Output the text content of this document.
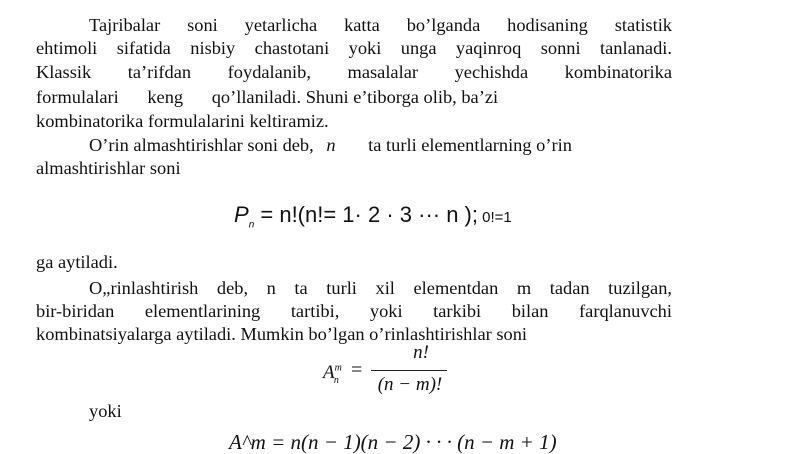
Tajribalar soni yetarlicha katta bo’lganda hodisaning statistik
ehtimoli sifatida nisbiy chastotani yoki unga yaqinroq sonni tanlanadi.
Klassik ta’rifdan foydalanib, masalalar yechishda kombinatorika
formulalari keng qo’llaniladi. Shuni e’tiborga olib, ba’zi
kombinatorika formulalarini keltiramiz.
O’rin almashtirishlar soni deb, n ta turli elementlarning o’rin
almashtirishlar soni
$P_n = n!(n!= 1\cdot 2 \cdot 3$ ··· n ); 0!=1
ga aytiladi.
O„rinlashtirish deb, n ta turli xil elementdan m tadan tuzilgan,
bir-biridan elementlarining tartibi, yoki tarkibi bilan farqlanuvchi
kombinatsiyalarga aytiladi. Mumkin bo’lgan o’rinlashtirishlar soni
$A^m_n$ =
n!
(n − m)!
yoki
A^m = n(n − 1)(n − 2) · · · (n − m + 1)
